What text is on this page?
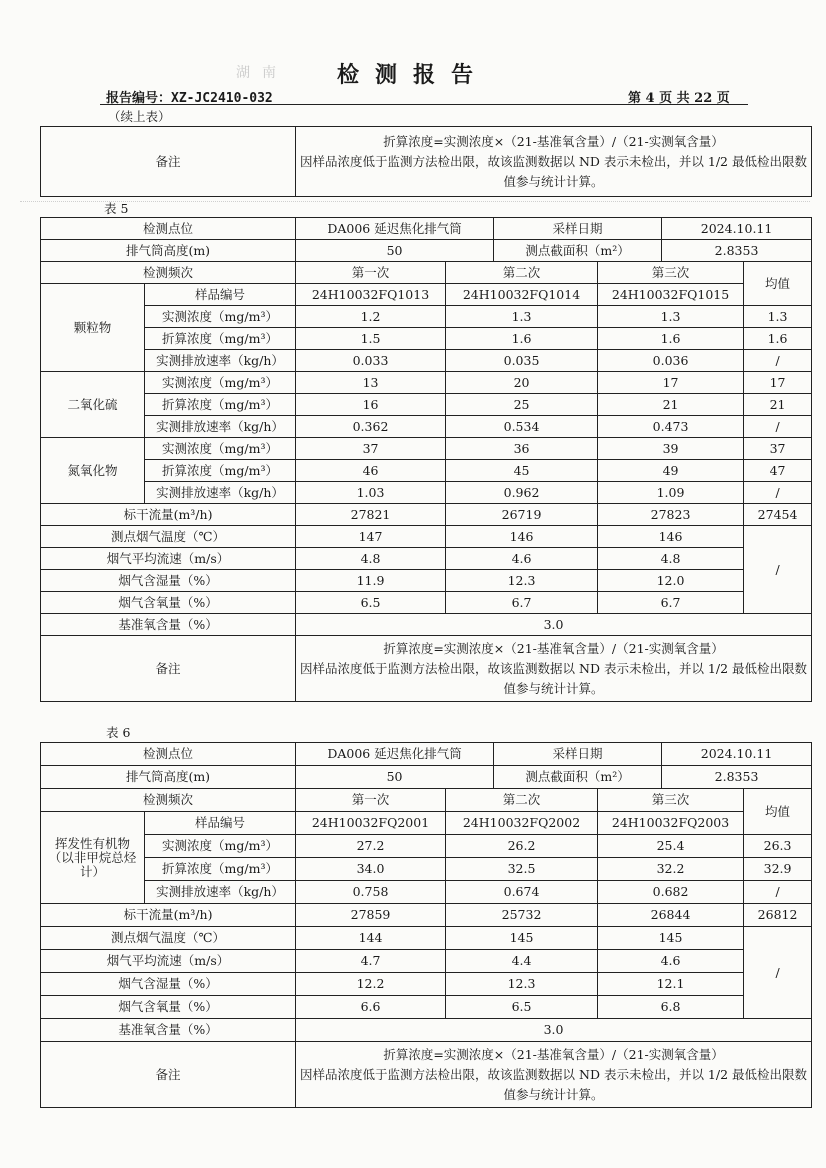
湖南	检测报告
报告编号：XZ-JC2410-032	第 4 页 共 22 页
（续上表）
备注	
折算浓度=实测浓度×（21-基准氧含量）/（21-实测氧含量）
因样品浓度低于监测方法检出限，故该监测数据以 ND 表示未检出，并以 1/2 最低检出限数值参与统计计算。
表 5
检测点位		DA006 延迟焦化排气筒		采样日期		2024.10.11	
排气筒高度(m)		50		测点截面积（m²）		2.8353	
检测频次		第一次	第二次		第三次		均值
颗粒物	样品编号	24H10032FQ1013	24H10032FQ1014		24H10032FQ1015		
	实测浓度（mg/m³）	1.2	1.3		1.3		1.3
	折算浓度（mg/m³）	1.5	1.6		1.6		1.6
	实测排放速率（kg/h）	0.033	0.035		0.036		/
二氧化硫	实测浓度（mg/m³）	13	20		17		17
	折算浓度（mg/m³）	16	25		21		21
	实测排放速率（kg/h）	0.362	0.534		0.473		/
氮氧化物	实测浓度（mg/m³）	37	36		39		37
	折算浓度（mg/m³）	46	45		49		47
	实测排放速率（kg/h）	1.03	0.962		1.09		/
标干流量(m³/h)		27821	26719		27823		27454
测点烟气温度（℃）		147	146		146		/
烟气平均流速（m/s）		4.8	4.6		4.8		
烟气含湿量（%）		11.9	12.3		12.0		
烟气含氧量（%）		6.5	6.7		6.7		
基准氧含量（%）		3.0					
备注		折算浓度=实测浓度×（21-基准氧含量）/（21-实测氧含量）
因样品浓度低于监测方法检出限，故该监测数据以 ND 表示未检出，并以 1/2 最低检出限数值参与统计计算。					
表 6
检测点位		DA006 延迟焦化排气筒		采样日期		2024.10.11	
排气筒高度(m)		50		测点截面积（m²）		2.8353	
检测频次		第一次	第二次		第三次		均值
挥发性有机物（以非甲烷总烃计）	样品编号	24H10032FQ2001	24H10032FQ2002		24H10032FQ2003		
	实测浓度（mg/m³）	27.2	26.2		25.4		26.3
	折算浓度（mg/m³）	34.0	32.5		32.2		32.9
	实测排放速率（kg/h）	0.758	0.674		0.682		/
标干流量(m³/h)		27859	25732		26844		26812
测点烟气温度（℃）		144	145		145		/
烟气平均流速（m/s）		4.7	4.4		4.6		
烟气含湿量（%）		12.2	12.3		12.1		
烟气含氧量（%）		6.6	6.5		6.8		
基准氧含量（%）		3.0					
备注		折算浓度=实测浓度×（21-基准氧含量）/（21-实测氧含量）
因样品浓度低于监测方法检出限，故该监测数据以 ND 表示未检出，并以 1/2 最低检出限数值参与统计计算。					
